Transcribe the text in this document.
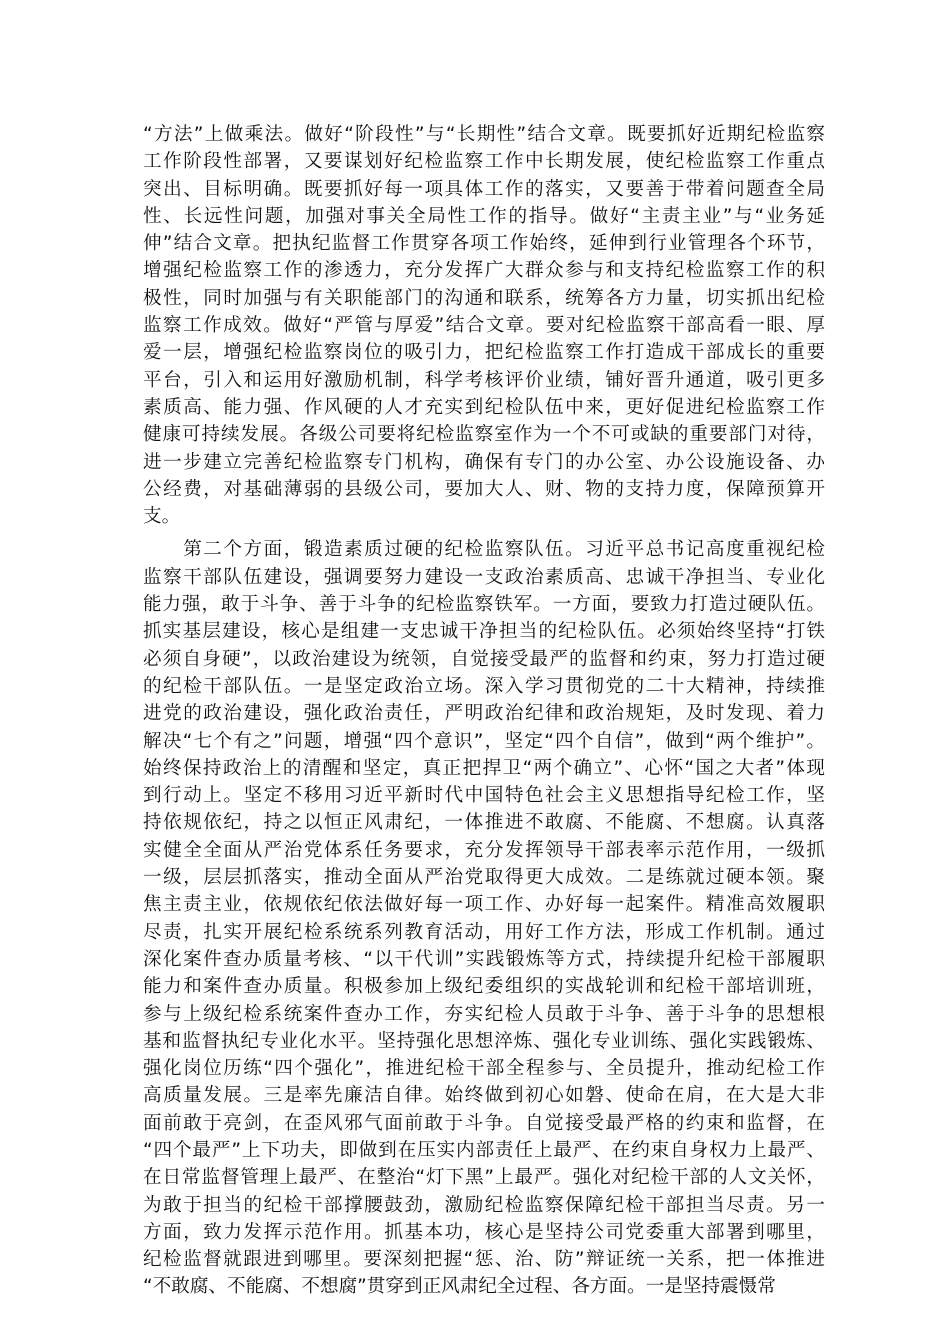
“方法”上做乘法。做好“阶段性”与“长期性”结合文章。既要抓好近期纪检监察
工作阶段性部署，又要谋划好纪检监察工作中长期发展，使纪检监察工作重点
突出、目标明确。既要抓好每一项具体工作的落实，又要善于带着问题查全局
性、长远性问题，加强对事关全局性工作的指导。做好“主责主业”与“业务延
伸”结合文章。把执纪监督工作贯穿各项工作始终，延伸到行业管理各个环节，
增强纪检监察工作的渗透力，充分发挥广大群众参与和支持纪检监察工作的积
极性，同时加强与有关职能部门的沟通和联系，统筹各方力量，切实抓出纪检
监察工作成效。做好“严管与厚爱”结合文章。要对纪检监察干部高看一眼、厚
爱一层，增强纪检监察岗位的吸引力，把纪检监察工作打造成干部成长的重要
平台，引入和运用好激励机制，科学考核评价业绩，铺好晋升通道，吸引更多
素质高、能力强、作风硬的人才充实到纪检队伍中来，更好促进纪检监察工作
健康可持续发展。各级公司要将纪检监察室作为一个不可或缺的重要部门对待，
进一步建立完善纪检监察专门机构，确保有专门的办公室、办公设施设备、办
公经费，对基础薄弱的县级公司，要加大人、财、物的支持力度，保障预算开
支。
　　第二个方面，锻造素质过硬的纪检监察队伍。习近平总书记高度重视纪检
监察干部队伍建设，强调要努力建设一支政治素质高、忠诚干净担当、专业化
能力强，敢于斗争、善于斗争的纪检监察铁军。一方面，要致力打造过硬队伍。
抓实基层建设，核心是组建一支忠诚干净担当的纪检队伍。必须始终坚持“打铁
必须自身硬”，以政治建设为统领，自觉接受最严的监督和约束，努力打造过硬
的纪检干部队伍。一是坚定政治立场。深入学习贯彻党的二十大精神，持续推
进党的政治建设，强化政治责任，严明政治纪律和政治规矩，及时发现、着力
解决“七个有之”问题，增强“四个意识”，坚定“四个自信”，做到“两个维护”。
始终保持政治上的清醒和坚定，真正把捍卫“两个确立”、心怀“国之大者”体现
到行动上。坚定不移用习近平新时代中国特色社会主义思想指导纪检工作，坚
持依规依纪，持之以恒正风肃纪，一体推进不敢腐、不能腐、不想腐。认真落
实健全全面从严治党体系任务要求，充分发挥领导干部表率示范作用，一级抓
一级，层层抓落实，推动全面从严治党取得更大成效。二是练就过硬本领。聚
焦主责主业，依规依纪依法做好每一项工作、办好每一起案件。精准高效履职
尽责，扎实开展纪检系统系列教育活动，用好工作方法，形成工作机制。通过
深化案件查办质量考核、“以干代训”实践锻炼等方式，持续提升纪检干部履职
能力和案件查办质量。积极参加上级纪委组织的实战轮训和纪检干部培训班，
参与上级纪检系统案件查办工作，夯实纪检人员敢于斗争、善于斗争的思想根
基和监督执纪专业化水平。坚持强化思想淬炼、强化专业训练、强化实践锻炼、
强化岗位历练“四个强化”，推进纪检干部全程参与、全员提升，推动纪检工作
高质量发展。三是率先廉洁自律。始终做到初心如磐、使命在肩，在大是大非
面前敢于亮剑，在歪风邪气面前敢于斗争。自觉接受最严格的约束和监督，在
“四个最严”上下功夫，即做到在压实内部责任上最严、在约束自身权力上最严、
在日常监督管理上最严、在整治“灯下黑”上最严。强化对纪检干部的人文关怀，
为敢于担当的纪检干部撑腰鼓劲，激励纪检监察保障纪检干部担当尽责。另一
方面，致力发挥示范作用。抓基本功，核心是坚持公司党委重大部署到哪里，
纪检监督就跟进到哪里。要深刻把握“惩、治、防”辩证统一关系，把一体推进
“不敢腐、不能腐、不想腐”贯穿到正风肃纪全过程、各方面。一是坚持震慑常
